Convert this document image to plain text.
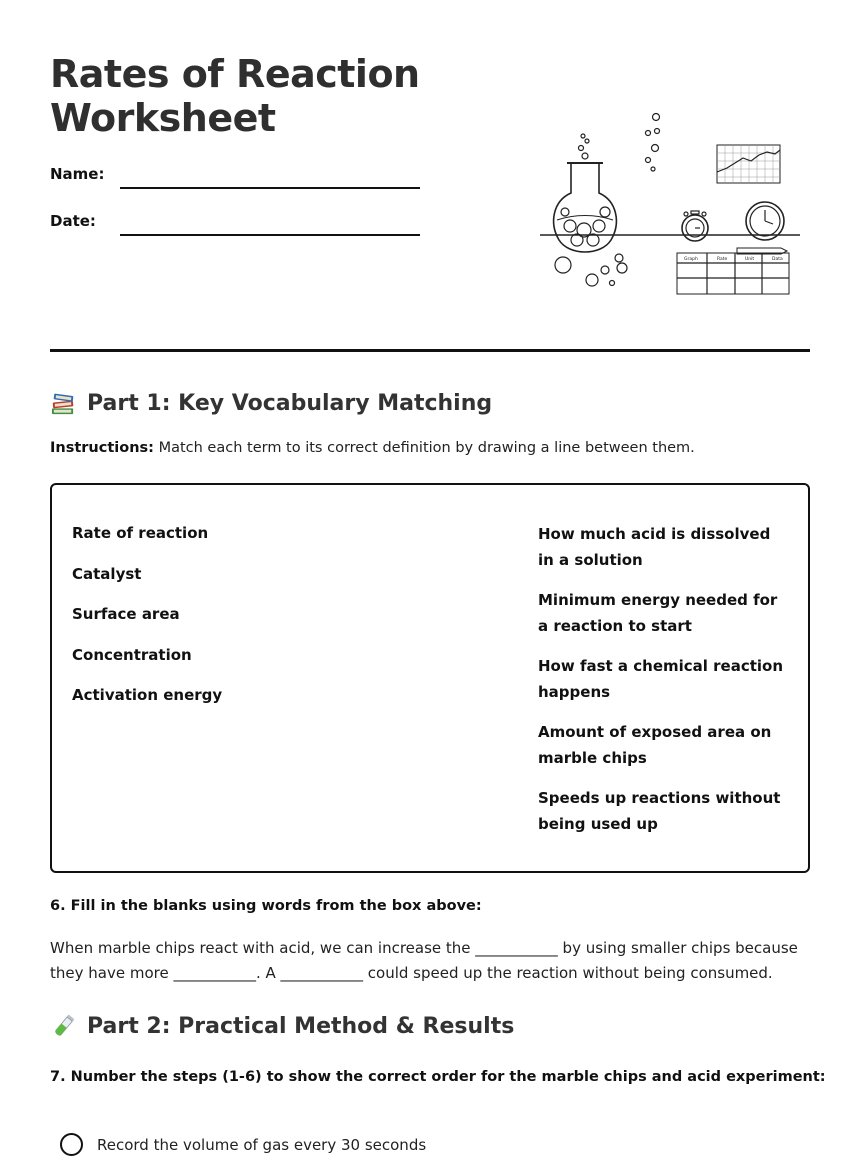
Rates of Reaction Worksheet
Name:
Date:
Graph	Rate	Unit	Data
Part 1: Key Vocabulary Matching
Instructions: Match each term to its correct definition by drawing a line between them.
Rate of reaction
Catalyst
Surface area
Concentration
Activation energy
How much acid is dissolved in a solution
Minimum energy needed for a reaction to start
How fast a chemical reaction happens
Amount of exposed area on marble chips
Speeds up reactions without being used up
6. Fill in the blanks using words from the box above:
When marble chips react with acid, we can increase the ___________ by using smaller chips because they have more ___________. A ___________ could speed up the reaction without being consumed.
Part 2: Practical Method & Results
7. Number the steps (1-6) to show the correct order for the marble chips and acid experiment:
Record the volume of gas every 30 seconds
